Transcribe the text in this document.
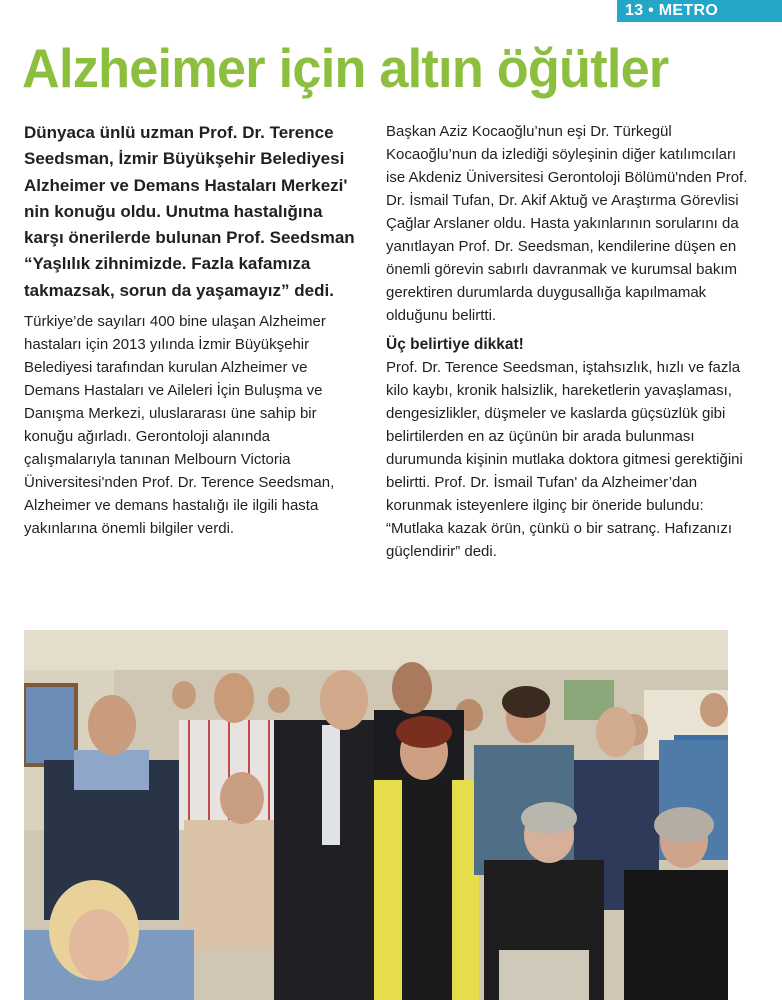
13 • METRO
Alzheimer için altın öğütler

Dünyaca ünlü uzman Prof. Dr. Terence Seedsman, İzmir Büyükşehir Belediyesi Alzheimer ve Demans Hastaları Merkezi' nin konuğu oldu. Unutma hastalığına karşı önerilerde bulunan Prof. Seedsman “Yaşlılık zihnimizde. Fazla kafamıza takmazsak, sorun da yaşamayız” dedi.

Türkiye’de sayıları 400 bine ulaşan Alzheimer hastaları için 2013 yılında İzmir Büyükşehir Belediyesi tarafından kurulan Alzheimer ve Demans Hastaları ve Aileleri İçin Buluşma ve Danışma Merkezi, uluslararası üne sahip bir konuğu ağırladı. Gerontoloji alanında çalışmalarıyla tanınan Melbourn Victoria Üniversitesi'nden Prof. Dr. Terence Seedsman, Alzheimer ve demans hastalığı ile ilgili hasta yakınlarına önemli bilgiler verdi.

Başkan Aziz Kocaoğlu’nun eşi Dr. Türkegül Kocaoğlu’nun da izlediği söyleşinin diğer katılımcıları ise Akdeniz Üniversitesi Gerontoloji Bölümü'nden Prof. Dr. İsmail Tufan, Dr. Akif Aktuğ ve Araştırma Görevlisi Çağlar Arslaner oldu. Hasta yakınlarının sorularını da yanıtlayan Prof. Dr. Seedsman, kendilerine düşen en önemli görevin sabırlı davranmak ve kurumsal bakım gerektiren durumlarda duygusallığa kapılmamak olduğunu belirtti.

Üç belirtiye dikkat!

Prof. Dr. Terence Seedsman, iştahsızlık, hızlı ve fazla kilo kaybı, kronik halsizlik, hareketlerin yavaşlaması, dengesizlikler, düşmeler ve kaslarda güçsüzlük gibi belirtilerden en az üçünün bir arada bulunması durumunda kişinin mutlaka doktora gitmesi gerektiğini belirtti. Prof. Dr. İsmail Tufan' da Alzheimer’dan korunmak isteyenlere ilginç bir öneride bulundu: “Mutlaka kazak örün, çünkü o bir satranç. Hafızanızı güçlendirir” dedi.
